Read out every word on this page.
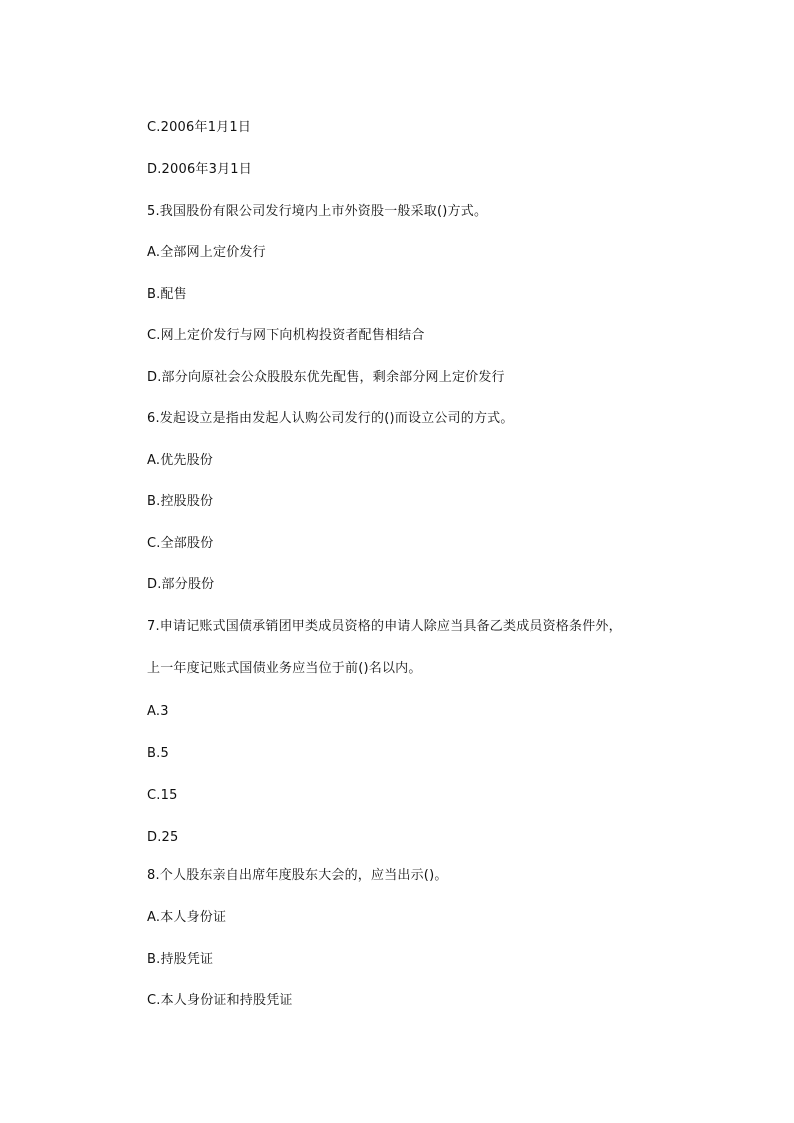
C.2006年1月1日
D.2006年3月1日
5.我国股份有限公司发行境内上市外资股一般采取()方式。
A.全部网上定价发行
B.配售
C.网上定价发行与网下向机构投资者配售相结合
D.部分向原社会公众股股东优先配售，剩余部分网上定价发行
6.发起设立是指由发起人认购公司发行的()而设立公司的方式。
A.优先股份
B.控股股份
C.全部股份
D.部分股份
7.申请记账式国债承销团甲类成员资格的申请人除应当具备乙类成员资格条件外，
上一年度记账式国债业务应当位于前()名以内。
A.3
B.5
C.15
D.25
8.个人股东亲自出席年度股东大会的，应当出示()。
A.本人身份证
B.持股凭证
C.本人身份证和持股凭证
